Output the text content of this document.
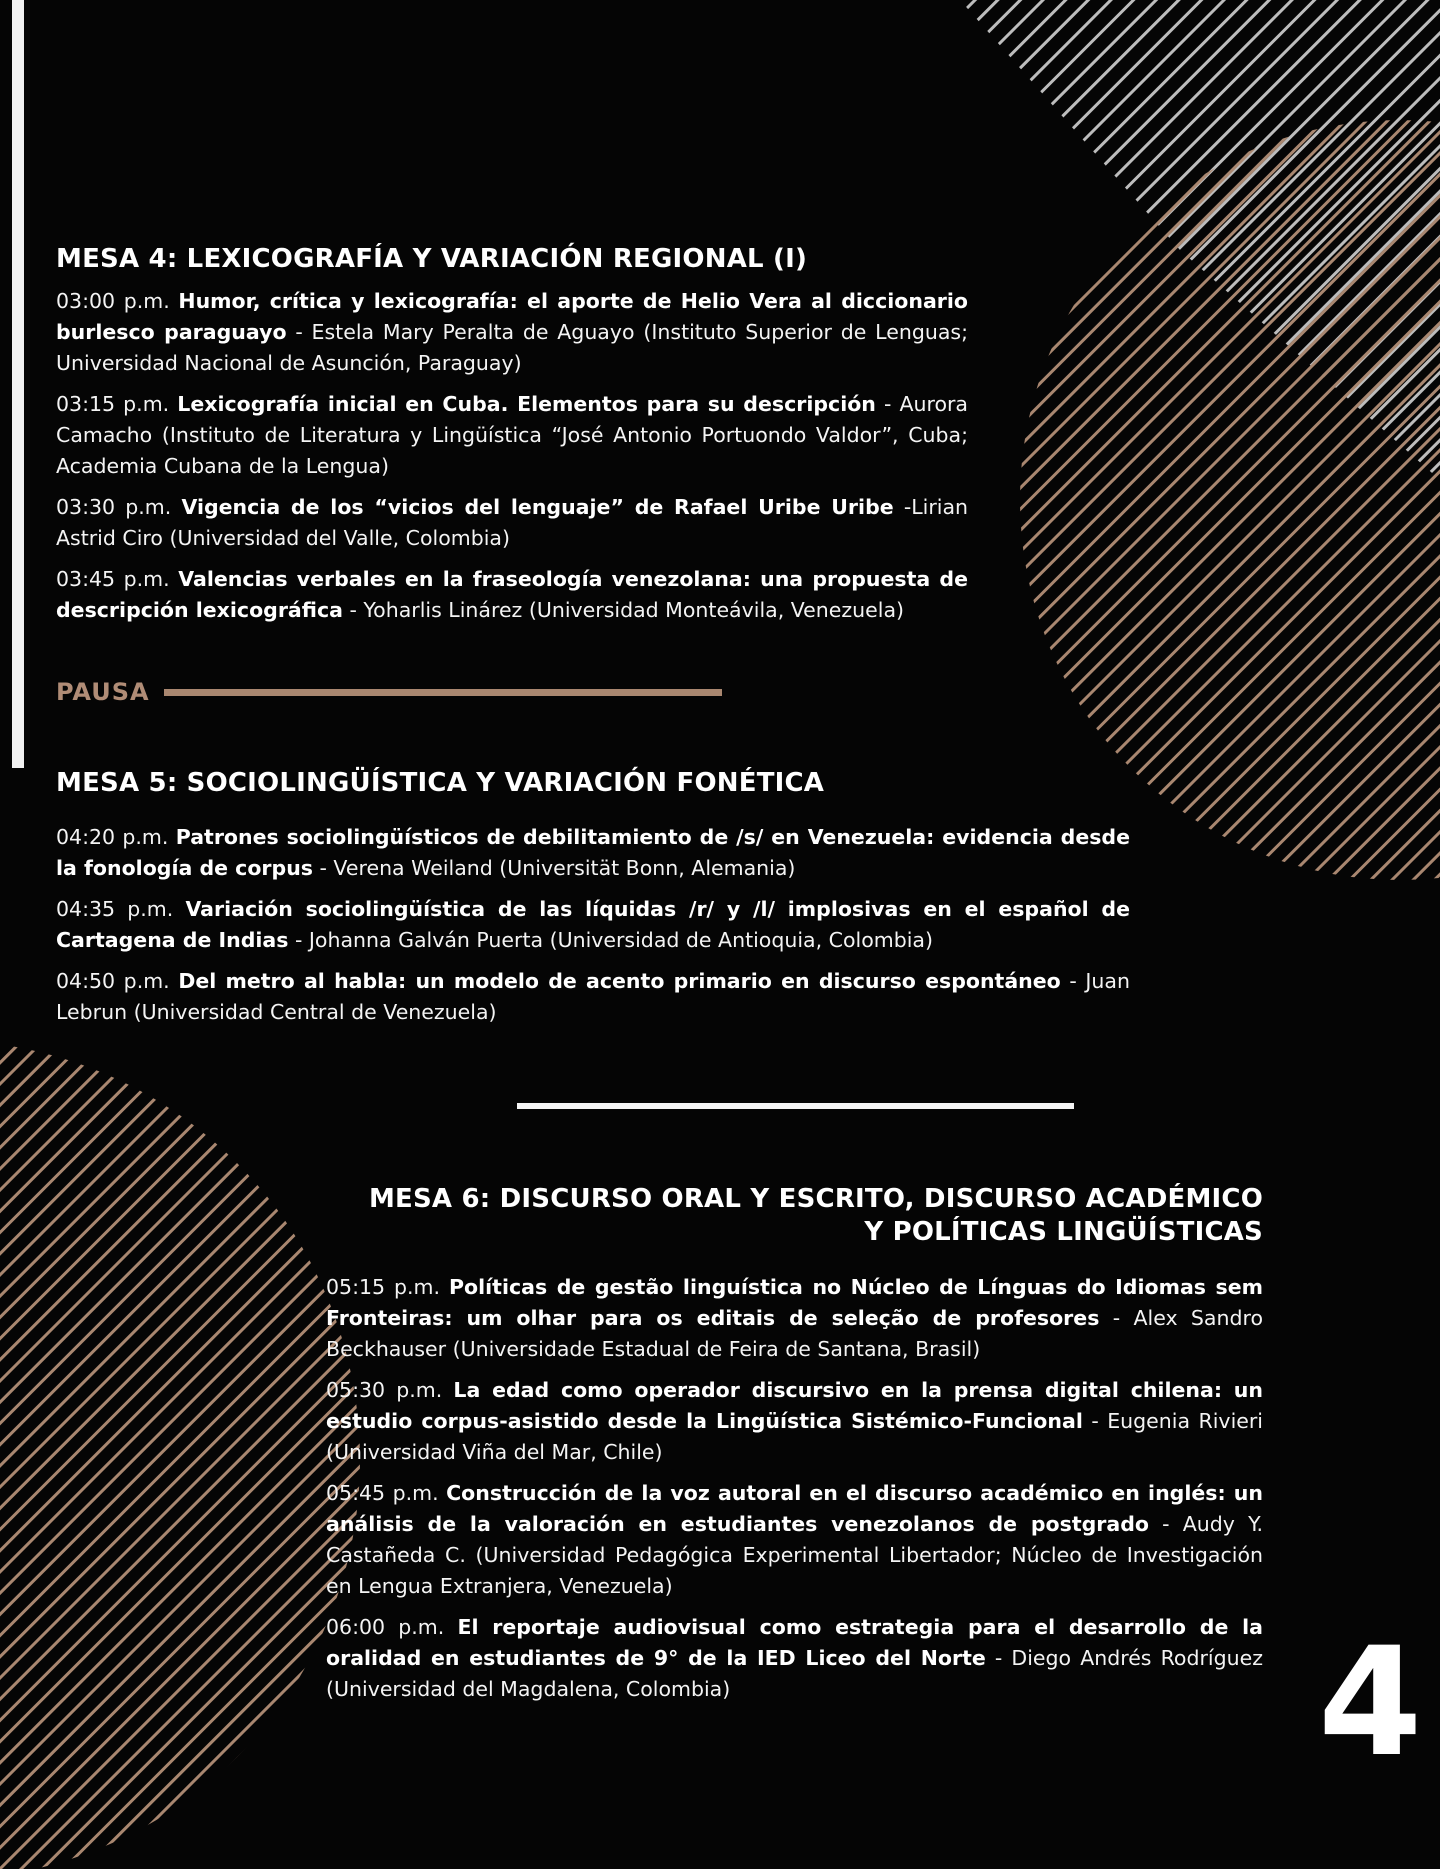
MESA 4: LEXICOGRAFÍA Y VARIACIÓN REGIONAL (I)

03:00 p.m. Humor, crítica y lexicografía: el aporte de Helio Vera al diccionario burlesco paraguayo - Estela Mary Peralta de Aguayo (Instituto Superior de Lenguas; Universidad Nacional de Asunción, Paraguay)

03:15 p.m. Lexicografía inicial en Cuba. Elementos para su descripción - Aurora Camacho (Instituto de Literatura y Lingüística “José Antonio Portuondo Valdor”, Cuba; Academia Cubana de la Lengua)

03:30 p.m. Vigencia de los “vicios del lenguaje” de Rafael Uribe Uribe -Lirian Astrid Ciro (Universidad del Valle, Colombia)

03:45 p.m. Valencias verbales en la fraseología venezolana: una propuesta de descripción lexicográfica - Yoharlis Linárez (Universidad Monteávila, Venezuela)

PAUSA
MESA 5: SOCIOLINGÜÍSTICA Y VARIACIÓN FONÉTICA

04:20 p.m. Patrones sociolingüísticos de debilitamiento de /s/ en Venezuela: evidencia desde la fonología de corpus - Verena Weiland (Universität Bonn, Alemania)

04:35 p.m. Variación sociolingüística de las líquidas /r/ y /l/ implosivas en el español de Cartagena de Indias - Johanna Galván Puerta (Universidad de Antioquia, Colombia)

04:50 p.m. Del metro al habla: un modelo de acento primario en discurso espontáneo - Juan Lebrun (Universidad Central de Venezuela)

MESA 6: DISCURSO ORAL Y ESCRITO, DISCURSO ACADÉMICO
Y POLÍTICAS LINGÜÍSTICAS

05:15 p.m. Políticas de gestão linguística no Núcleo de Línguas do Idiomas sem Fronteiras: um olhar para os editais de seleção de profesores - Alex Sandro Beckhauser (Universidade Estadual de Feira de Santana, Brasil)

05:30 p.m. La edad como operador discursivo en la prensa digital chilena: un estudio corpus-asistido desde la Lingüística Sistémico-Funcional - Eugenia Rivieri (Universidad Viña del Mar, Chile)

05:45 p.m. Construcción de la voz autoral en el discurso académico en inglés: un análisis de la valoración en estudiantes venezolanos de postgrado - Audy Y. Castañeda C. (Universidad Pedagógica Experimental Libertador; Núcleo de Investigación en Lengua Extranjera, Venezuela)

06:00 p.m. El reportaje audiovisual como estrategia para el desarrollo de la oralidad en estudiantes de 9° de la IED Liceo del Norte - Diego Andrés Rodríguez (Universidad del Magdalena, Colombia)	4
